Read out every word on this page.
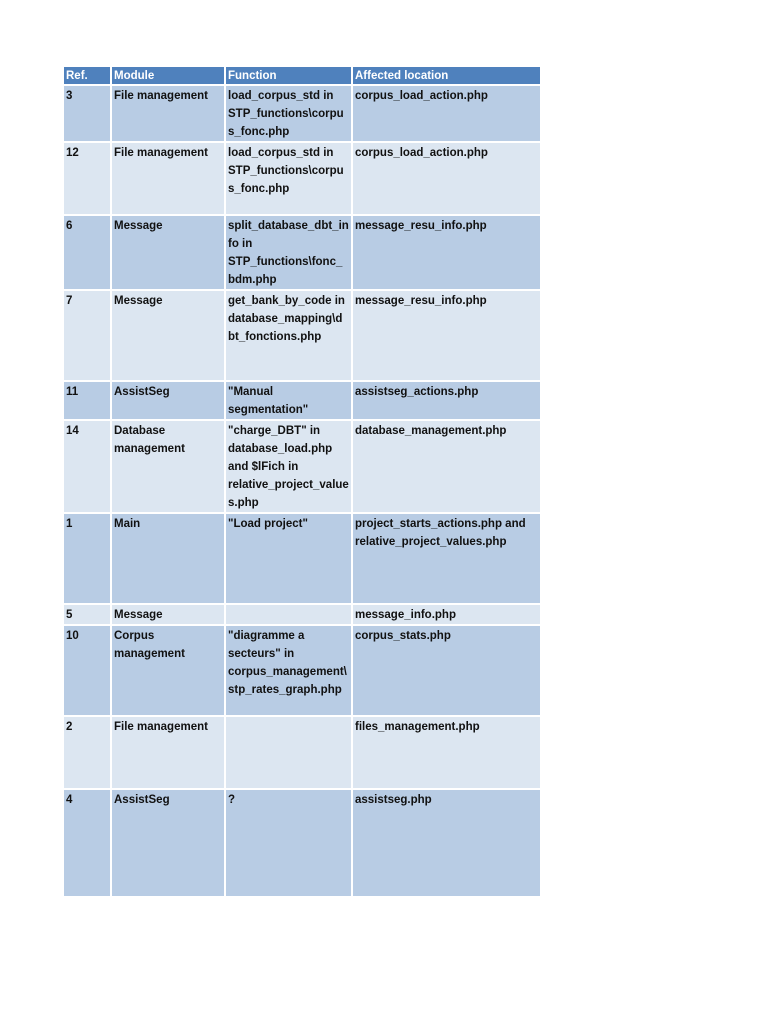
Ref.	Module	Function	Affected location
3	File management	load_corpus_std in STP_functions\corpus_fonc.php	corpus_load_action.php
12	File management	load_corpus_std in STP_functions\corpus_fonc.php	corpus_load_action.php
6	Message	split_database_dbt_info in STP_functions\fonc_bdm.php	message_resu_info.php
7	Message	get_bank_by_code in database_mapping\dbt_fonctions.php	message_resu_info.php
11	AssistSeg	"Manual segmentation"	assistseg_actions.php
14	Database management	"charge_DBT" in database_load.php and $lFich in relative_project_values.php	database_management.php
1	Main	"Load project"	project_starts_actions.php and relative_project_values.php
5	Message		message_info.php
10	Corpus management	"diagramme a secteurs" in corpus_management\stp_rates_graph.php	corpus_stats.php
2	File management		files_management.php
4	AssistSeg	?	assistseg.php
